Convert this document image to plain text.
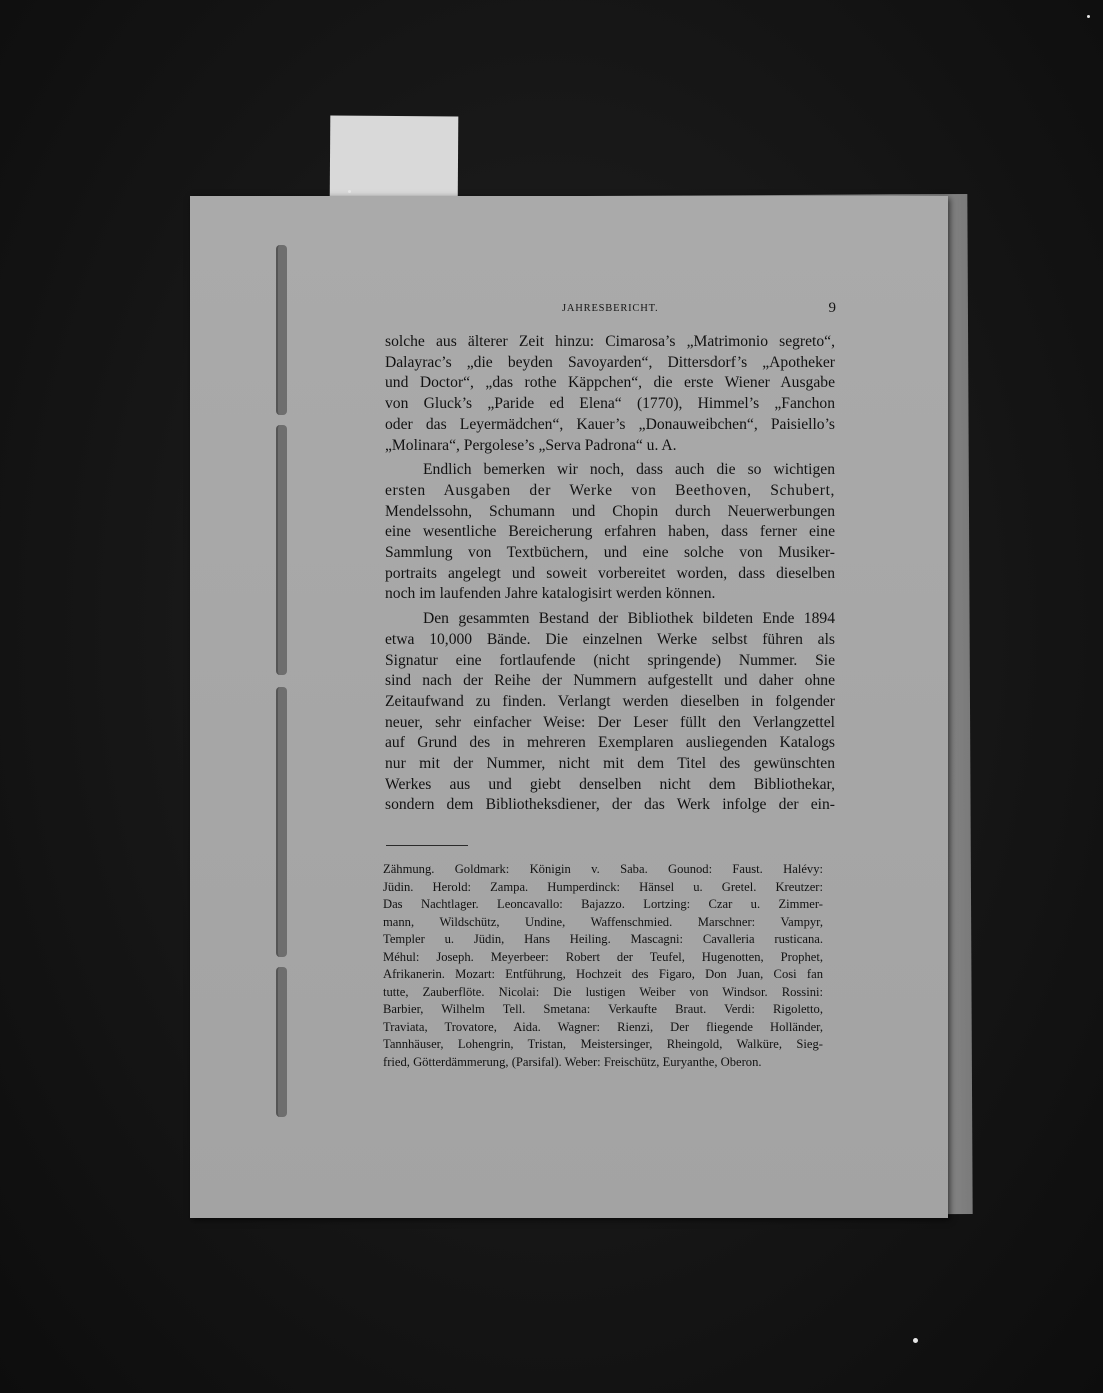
JAHRESBERICHT.	9
solche aus älterer Zeit hinzu: Cimarosa’s „Matrimonio segreto“,
Dalayrac’s „die beyden Savoyarden“, Dittersdorf’s „Apotheker
und Doctor“, „das rothe Käppchen“, die erste Wiener Ausgabe
von Gluck’s „Paride ed Elena“ (1770), Himmel’s „Fanchon
oder das Leyermädchen“, Kauer’s „Donauweibchen“, Paisiello’s
„Molinara“, Pergolese’s „Serva Padrona“ u. A.
Endlich bemerken wir noch, dass auch die so wichtigen
ersten Ausgaben der Werke von Beethoven, Schubert,
Mendelssohn, Schumann und Chopin durch Neuerwerbungen
eine wesentliche Bereicherung erfahren haben, dass ferner eine
Sammlung von Textbüchern, und eine solche von Musiker-
portraits angelegt und soweit vorbereitet worden, dass dieselben
noch im laufenden Jahre katalogisirt werden können.
Den gesammten Bestand der Bibliothek bildeten Ende 1894
etwa 10,000 Bände. Die einzelnen Werke selbst führen als
Signatur eine fortlaufende (nicht springende) Nummer. Sie
sind nach der Reihe der Nummern aufgestellt und daher ohne
Zeitaufwand zu finden. Verlangt werden dieselben in folgender
neuer, sehr einfacher Weise: Der Leser füllt den Verlangzettel
auf Grund des in mehreren Exemplaren ausliegenden Katalogs
nur mit der Nummer, nicht mit dem Titel des gewünschten
Werkes aus und giebt denselben nicht dem Bibliothekar,
sondern dem Bibliotheksdiener, der das Werk infolge der ein-
Zähmung. Goldmark: Königin v. Saba. Gounod: Faust. Halévy:
Jüdin. Herold: Zampa. Humperdinck: Hänsel u. Gretel. Kreutzer:
Das Nachtlager. Leoncavallo: Bajazzo. Lortzing: Czar u. Zimmer-
mann, Wildschütz, Undine, Waffenschmied. Marschner: Vampyr,
Templer u. Jüdin, Hans Heiling. Mascagni: Cavalleria rusticana.
Méhul: Joseph. Meyerbeer: Robert der Teufel, Hugenotten, Prophet,
Afrikanerin. Mozart: Entführung, Hochzeit des Figaro, Don Juan, Cosi fan
tutte, Zauberflöte. Nicolai: Die lustigen Weiber von Windsor. Rossini:
Barbier, Wilhelm Tell. Smetana: Verkaufte Braut. Verdi: Rigoletto,
Traviata, Trovatore, Aida. Wagner: Rienzi, Der fliegende Holländer,
Tannhäuser, Lohengrin, Tristan, Meistersinger, Rheingold, Walküre, Sieg-
fried, Götterdämmerung, (Parsifal). Weber: Freischütz, Euryanthe, Oberon.
